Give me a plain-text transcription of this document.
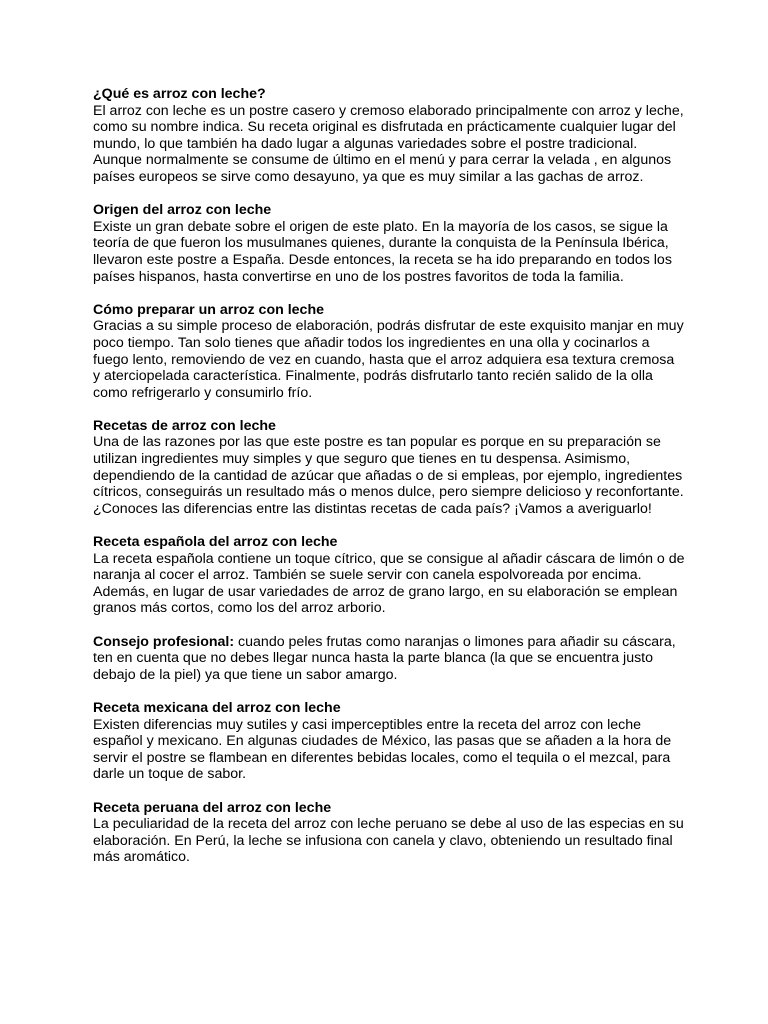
¿Qué es arroz con leche?

El arroz con leche es un postre casero y cremoso elaborado principalmente con arroz y leche, como su nombre indica. Su receta original es disfrutada en prácticamente cualquier lugar del mundo, lo que también ha dado lugar a algunas variedades sobre el postre tradicional. Aunque normalmente se consume de último en el menú y para cerrar la velada , en algunos países europeos se sirve como desayuno, ya que es muy similar a las gachas de arroz.

Origen del arroz con leche

Existe un gran debate sobre el origen de este plato. En la mayoría de los casos, se sigue la teoría de que fueron los musulmanes quienes, durante la conquista de la Península Ibérica, llevaron este postre a España. Desde entonces, la receta se ha ido preparando en todos los países hispanos, hasta convertirse en uno de los postres favoritos de toda la familia.

Cómo preparar un arroz con leche

Gracias a su simple proceso de elaboración, podrás disfrutar de este exquisito manjar en muy poco tiempo. Tan solo tienes que añadir todos los ingredientes en una olla y cocinarlos a fuego lento, removiendo de vez en cuando, hasta que el arroz adquiera esa textura cremosa y aterciopelada característica. Finalmente, podrás disfrutarlo tanto recién salido de la olla como refrigerarlo y consumirlo frío.

Recetas de arroz con leche

Una de las razones por las que este postre es tan popular es porque en su preparación se utilizan ingredientes muy simples y que seguro que tienes en tu despensa. Asimismo, dependiendo de la cantidad de azúcar que añadas o de si empleas, por ejemplo, ingredientes cítricos, conseguirás un resultado más o menos dulce, pero siempre delicioso y reconfortante. ¿Conoces las diferencias entre las distintas recetas de cada país? ¡Vamos a averiguarlo!

Receta española del arroz con leche

La receta española contiene un toque cítrico, que se consigue al añadir cáscara de limón o de naranja al cocer el arroz. También se suele servir con canela espolvoreada por encima. Además, en lugar de usar variedades de arroz de grano largo, en su elaboración se emplean granos más cortos, como los del arroz arborio.

Consejo profesional: cuando peles frutas como naranjas o limones para añadir su cáscara, ten en cuenta que no debes llegar nunca hasta la parte blanca (la que se encuentra justo debajo de la piel) ya que tiene un sabor amargo.

Receta mexicana del arroz con leche

Existen diferencias muy sutiles y casi imperceptibles entre la receta del arroz con leche español y mexicano. En algunas ciudades de México, las pasas que se añaden a la hora de servir el postre se flambean en diferentes bebidas locales, como el tequila o el mezcal, para darle un toque de sabor.

Receta peruana del arroz con leche

La peculiaridad de la receta del arroz con leche peruano se debe al uso de las especias en su elaboración. En Perú, la leche se infusiona con canela y clavo, obteniendo un resultado final más aromático.
